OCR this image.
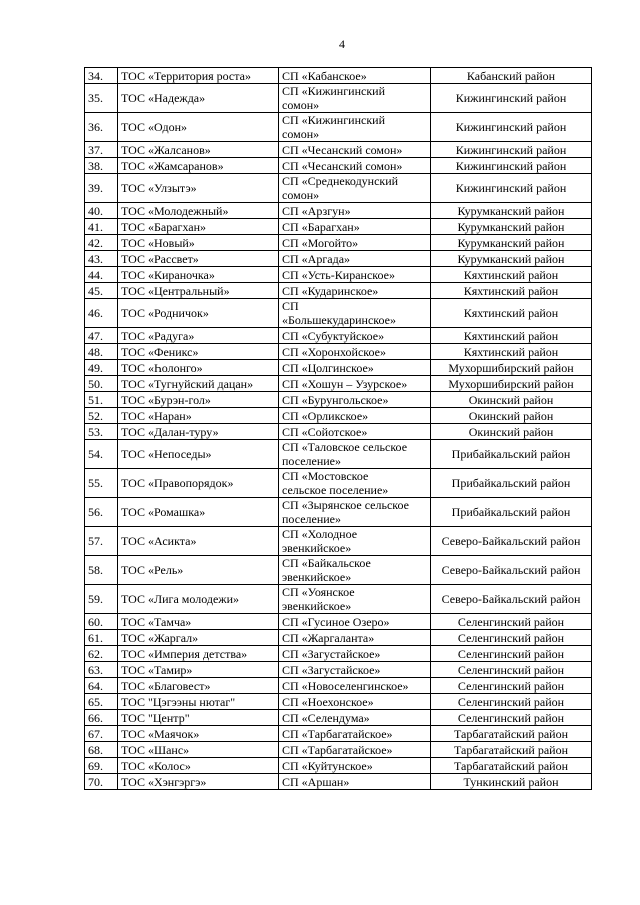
4
34.	ТОС «Территория роста»	СП «Кабанское»	Кабанский район
35.	ТОС «Надежда»	СП «Кижингинский
сомон»	Кижингинский район
36.	ТОС «Одон»	СП «Кижингинский
сомон»	Кижингинский район
37.	ТОС «Жалсанов»	СП «Чесанский сомон»	Кижингинский район
38.	ТОС «Жамсаранов»	СП «Чесанский сомон»	Кижингинский район
39.	ТОС «Улзытэ»	СП «Среднекодунский
сомон»	Кижингинский район
40.	ТОС «Молодежный»	СП «Арзгун»	Курумканский район
41.	ТОС «Барагхан»	СП «Барагхан»	Курумканский район
42.	ТОС «Новый»	СП «Могойто»	Курумканский район
43.	ТОС «Рассвет»	СП «Аргада»	Курумканский район
44.	ТОС «Кираночка»	СП «Усть-Киранское»	Кяхтинский район
45.	ТОС «Центральный»	СП «Кударинское»	Кяхтинский район
46.	ТОС «Родничок»	СП
«Большекударинское»	Кяхтинский район
47.	ТОС «Радуга»	СП «Субуктуйское»	Кяхтинский район
48.	ТОС «Феникс»	СП «Хоронхойское»	Кяхтинский район
49.	ТОС «Һолонго»	СП «Цолгинское»	Мухоршибирский район
50.	ТОС «Тугнуйский дацан»	СП «Хошун – Узурское»	Мухоршибирский район
51.	ТОС «Бурэн-гол»	СП «Бурунгольское»	Окинский район
52.	ТОС «Наран»	СП «Орликское»	Окинский район
53.	ТОС «Далан-туру»	СП «Сойотское»	Окинский район
54.	ТОС «Непоседы»	СП «Таловское сельское
поселение»	Прибайкальский район
55.	ТОС «Правопорядок»	СП «Мостовское
сельское поселение»	Прибайкальский район
56.	ТОС «Ромашка»	СП «Зырянское сельское
поселение»	Прибайкальский район
57.	ТОС «Асикта»	СП «Холодное
эвенкийское»	Северо-Байкальский район
58.	ТОС «Рель»	СП «Байкальское
эвенкийское»	Северо-Байкальский район
59.	ТОС «Лига молодежи»	СП «Уоянское
эвенкийское»	Северо-Байкальский район
60.	ТОС «Тамча»	СП «Гусиное Озеро»	Селенгинский район
61.	ТОС «Жаргал»	СП «Жаргаланта»	Селенгинский район
62.	ТОС «Империя детства»	СП «Загустайское»	Селенгинский район
63.	ТОС «Тамир»	СП «Загустайское»	Селенгинский район
64.	ТОС «Благовест»	СП «Новоселенгинское»	Селенгинский район
65.	ТОС "Цэгээны нютаг"	СП «Ноехонское»	Селенгинский район
66.	ТОС "Центр"	СП «Селендума»	Селенгинский район
67.	ТОС «Маячок»	СП «Тарбагатайское»	Тарбагатайский район
68.	ТОС «Шанс»	СП «Тарбагатайское»	Тарбагатайский район
69.	ТОС «Колос»	СП «Куйтунское»	Тарбагатайский район
70.	ТОС «Хэнгэргэ»	СП «Аршан»	Тункинский район
